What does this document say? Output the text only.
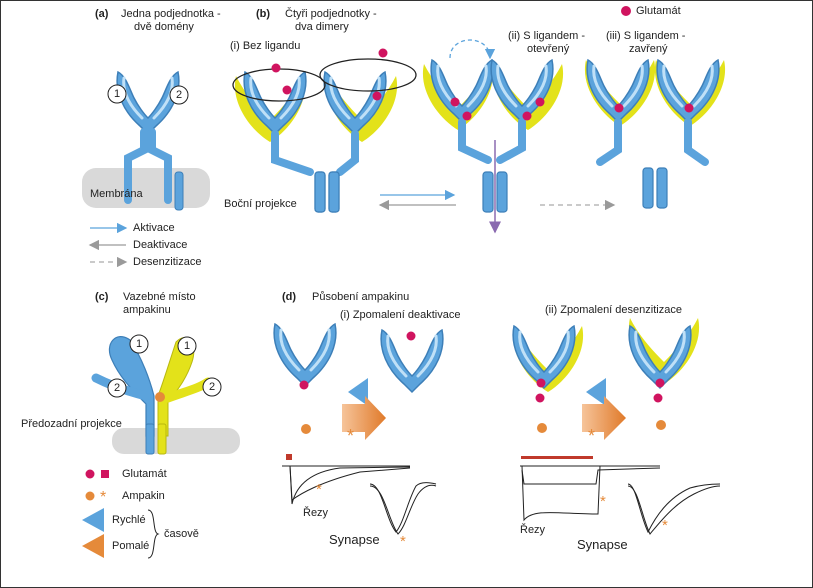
*
*	*
*
*
*
*
(a) Jedna podjednotka -
dvě domény
1	2
Membrána
(b) Čtyři podjednotky -
dva dimery
(i) Bez ligandu
(ii) S ligandem -
otevřený
(iii) S ligandem -
zavřený
Glutamát
Boční projekce
Aktivace
Deaktivace
Desenzitizace
(c) Vazebné místo
ampakinu
1	1
2	2
Předozadní projekce
Glutamát
Ampakin
Rychlé
Pomalé
časově
(d) Působení ampakinu
(i) Zpomalení deaktivace	(ii) Zpomalení desenzitizace
Řezy
Synapse
Řezy
Synapse
